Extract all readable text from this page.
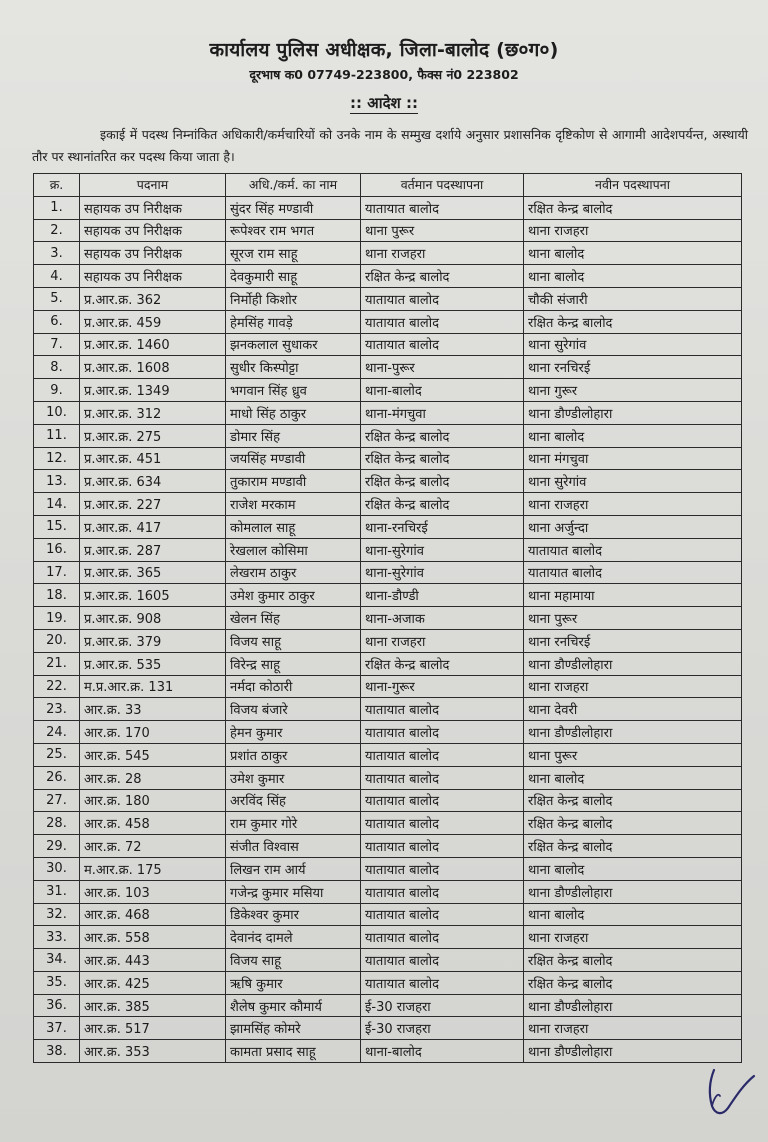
कार्यालय पुलिस अधीक्षक, जिला-बालोद (छ०ग०)
दूरभाष क0 07749-223800, फैक्स नं0 223802
:: आदेश ::
इकाई में पदस्थ निम्नांकित अधिकारी/कर्मचारियों को उनके नाम के सम्मुख दर्शाये अनुसार प्रशासनिक दृष्टिकोण से आगामी आदेशपर्यन्त, अस्थायी तौर पर स्थानांतरित कर पदस्थ किया जाता है।
क्र.	पदनाम	अधि./कर्म. का नाम	वर्तमान पदस्थापना	नवीन पदस्थापना
1.	सहायक उप निरीक्षक	सुंदर सिंह मण्डावी	यातायात बालोद	रक्षित केन्द्र बालोद
2.	सहायक उप निरीक्षक	रूपेश्वर राम भगत	थाना पुरूर	थाना राजहरा
3.	सहायक उप निरीक्षक	सूरज राम साहू	थाना राजहरा	थाना बालोद
4.	सहायक उप निरीक्षक	देवकुमारी साहू	रक्षित केन्द्र बालोद	थाना बालोद
5.	प्र.आर.क्र. 362	निर्मोही किशोर	यातायात बालोद	चौकी संजारी
6.	प्र.आर.क्र. 459	हेमसिंह गावड़े	यातायात बालोद	रक्षित केन्द्र बालोद
7.	प्र.आर.क्र. 1460	झनकलाल सुधाकर	यातायात बालोद	थाना सुरेगांव
8.	प्र.आर.क्र. 1608	सुधीर किस्पोट्टा	थाना-पुरूर	थाना रनचिरई
9.	प्र.आर.क्र. 1349	भगवान सिंह ध्रुव	थाना-बालोद	थाना गुरूर
10.	प्र.आर.क्र. 312	माधो सिंह ठाकुर	थाना-मंगचुवा	थाना डौण्डीलोहारा
11.	प्र.आर.क्र. 275	डोमार सिंह	रक्षित केन्द्र बालोद	थाना बालोद
12.	प्र.आर.क्र. 451	जयसिंह मण्डावी	रक्षित केन्द्र बालोद	थाना मंगचुवा
13.	प्र.आर.क्र. 634	तुकाराम मण्डावी	रक्षित केन्द्र बालोद	थाना सुरेगांव
14.	प्र.आर.क्र. 227	राजेश मरकाम	रक्षित केन्द्र बालोद	थाना राजहरा
15.	प्र.आर.क्र. 417	कोमलाल साहू	थाना-रनचिरई	थाना अर्जुन्दा
16.	प्र.आर.क्र. 287	रेखलाल कोसिमा	थाना-सुरेगांव	यातायात बालोद
17.	प्र.आर.क्र. 365	लेखराम ठाकुर	थाना-सुरेगांव	यातायात बालोद
18.	प्र.आर.क्र. 1605	उमेश कुमार ठाकुर	थाना-डौण्डी	थाना महामाया
19.	प्र.आर.क्र. 908	खेलन सिंह	थाना-अजाक	थाना पुरूर
20.	प्र.आर.क्र. 379	विजय साहू	थाना राजहरा	थाना रनचिरई
21.	प्र.आर.क्र. 535	विरेन्द्र साहू	रक्षित केन्द्र बालोद	थाना डौण्डीलोहारा
22.	म.प्र.आर.क्र. 131	नर्मदा कोठारी	थाना-गुरूर	थाना राजहरा
23.	आर.क्र. 33	विजय बंजारे	यातायात बालोद	थाना देवरी
24.	आर.क्र. 170	हेमन कुमार	यातायात बालोद	थाना डौण्डीलोहारा
25.	आर.क्र. 545	प्रशांत ठाकुर	यातायात बालोद	थाना पुरूर
26.	आर.क्र. 28	उमेश कुमार	यातायात बालोद	थाना बालोद
27.	आर.क्र. 180	अरविंद सिंह	यातायात बालोद	रक्षित केन्द्र बालोद
28.	आर.क्र. 458	राम कुमार गोरे	यातायात बालोद	रक्षित केन्द्र बालोद
29.	आर.क्र. 72	संजीत विश्वास	यातायात बालोद	रक्षित केन्द्र बालोद
30.	म.आर.क्र. 175	लिखन राम आर्य	यातायात बालोद	थाना बालोद
31.	आर.क्र. 103	गजेन्द्र कुमार मसिया	यातायात बालोद	थाना डौण्डीलोहारा
32.	आर.क्र. 468	डिकेश्वर कुमार	यातायात बालोद	थाना बालोद
33.	आर.क्र. 558	देवानंद दामले	यातायात बालोद	थाना राजहरा
34.	आर.क्र. 443	विजय साहू	यातायात बालोद	रक्षित केन्द्र बालोद
35.	आर.क्र. 425	ऋषि कुमार	यातायात बालोद	रक्षित केन्द्र बालोद
36.	आर.क्र. 385	शैलेष कुमार कौमार्य	ई-30 राजहरा	थाना डौण्डीलोहारा
37.	आर.क्र. 517	झामसिंह कोमरे	ई-30 राजहरा	थाना राजहरा
38.	आर.क्र. 353	कामता प्रसाद साहू	थाना-बालोद	थाना डौण्डीलोहारा
